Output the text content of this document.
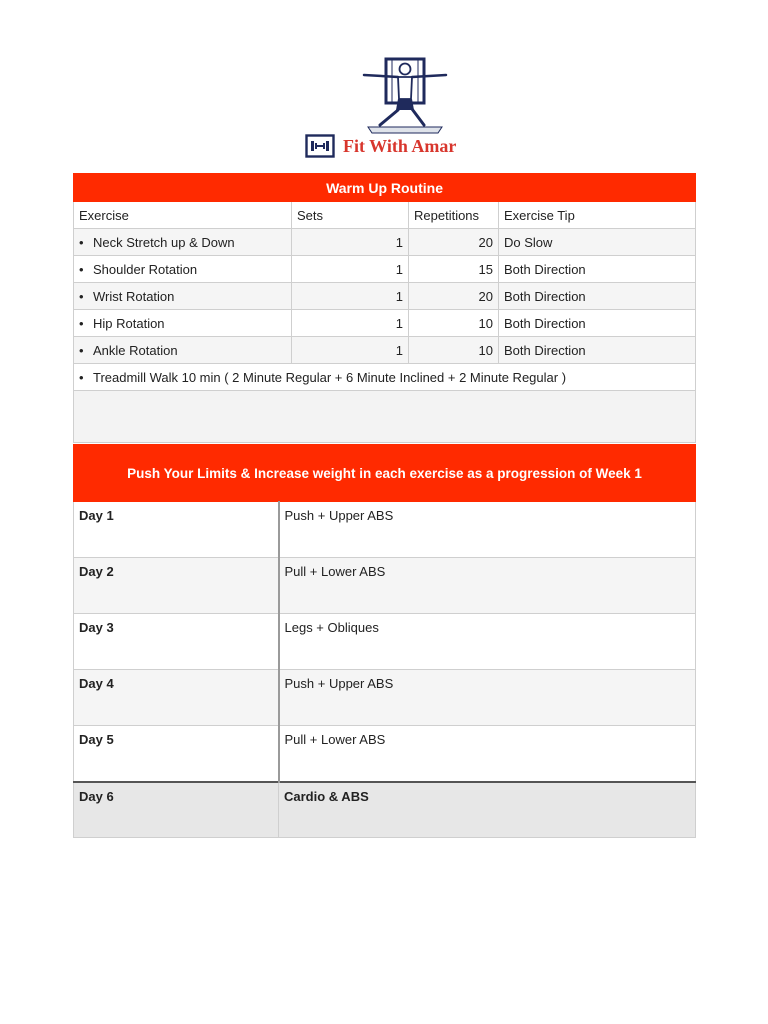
Fit With Amar
Warm Up Routine			
Exercise	Sets	Repetitions	Exercise Tip
• Neck Stretch up & Down	1	20	Do Slow
• Shoulder Rotation	1	15	Both Direction
• Wrist Rotation	1	20	Both Direction
• Hip Rotation	1	10	Both Direction
• Ankle Rotation	1	10	Both Direction
• Treadmill Walk 10 min ( 2 Minute Regular + 6 Minute Inclined + 2 Minute Regular )			

Push Your Limits & Increase weight in each exercise as a progression of Week 1	
Day 1	Push + Upper ABS
Day 2	Pull + Lower ABS
Day 3	Legs + Obliques
Day 4	Push + Upper ABS
Day 5	Pull + Lower ABS
Day 6	Cardio & ABS
